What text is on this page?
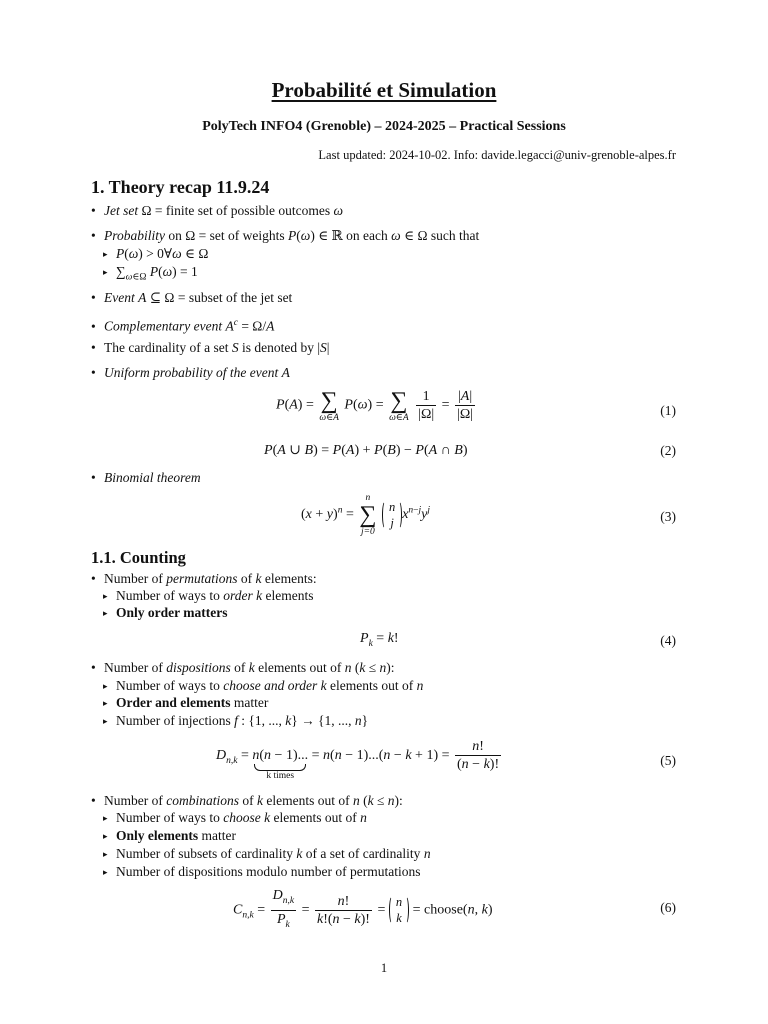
Probabilité et Simulation
PolyTech INFO4 (Grenoble) – 2024-2025 – Practical Sessions
Last updated: 2024-10-02. Info: davide.legacci@univ-grenoble-alpes.fr
1. Theory recap 11.9.24
• Jet set Ω = finite set of possible outcomes ω
• Probability on Ω = set of weights P(ω) ∈ ℝ on each ω ∈ Ω such that
▸ P(ω) > 0∀ω ∈ Ω
▸ $\sum_{\omega\in\Omega}$ P(ω) = 1
• Event A ⊆ Ω = subset of the jet set
• Complementary event $A^c = \Omega/A$
• The cardinality of a set S is denoted by |S|
• Uniform probability of the event A
P(A) = ∑
ω∈A
P(ω) = ∑
ω∈A
$\frac{1}{|\Omega|} = \frac{|A|}{|\Omega|}$	(1)
P(A ∪ B) = P(A) + P(B) − P(A ∩ B)	(2)
• Binomial theorem
$(x + y)^n$ =
n
∑
j=0

n
j
$x^{n-j}y^j$	(3)
1.1. Counting
• Number of permutations of k elements:
▸ Number of ways to order k elements
▸ Only order matters
$P_k = k$!	(4)
• Number of dispositions of k elements out of n (k ≤ n):
▸ Number of ways to choose and order k elements out of n
▸ Order and elements matter
▸ Number of injections f : {1, ..., k} → {1, ..., n}
$D_{n,k} = n(n - 1)$...
k times
= $n(n - 1)...(n - k + 1) = \frac{n!}{(n - k)!}$	(5)
• Number of combinations of k elements out of n (k ≤ n):
▸ Number of ways to choose k elements out of n
▸ Only elements matter
▸ Number of subsets of cardinality k of a set of cardinality n
▸ Number of dispositions modulo number of permutations
$C_{n,k} = \frac{D_{n,k}}{P_k} = \frac{n!}{k!(n - k)!}$ =
n
k
= choose(n, k)	(6)
1
